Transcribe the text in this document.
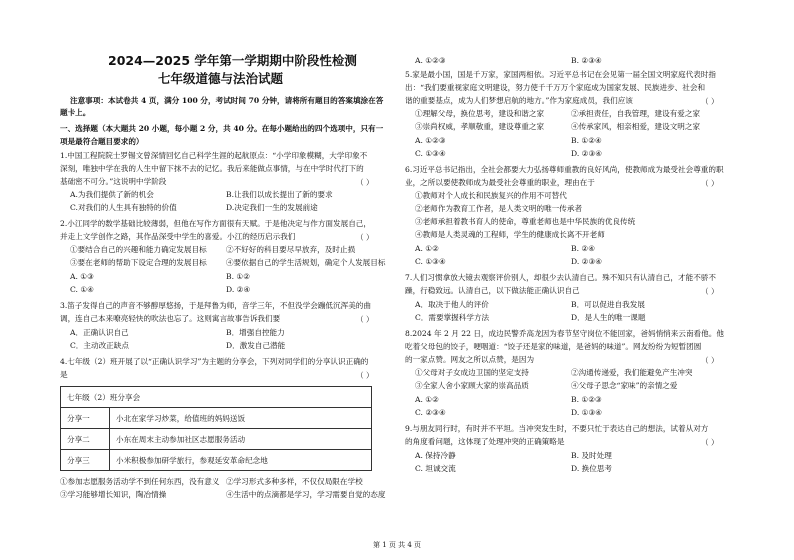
2024—2025 学年第一学期期中阶段性检测
七年级道德与法治试题
注意事项：本试卷共 4 页，满分 100 分，考试时间 70 分钟，请将所有题目的答案填涂在答
题卡上。
一、选择题（本大题共 20 小题，每小题 2 分，共 40 分。在每小题给出的四个选项中，只有一
项是最符合题目要求的）
1.中国工程院院士罗锡文曾深情回忆自己科学生涯的起航原点：“小学印象模糊，大学印象不
深刻，唯独中学在我的人生中留下抹不去的记忆。我后来能做点事情，与在中学时代打下的
基础密不可分。”这说明中学阶段	（ ）
A.为我们提供了新的机会	B.让我们以成长提出了新的要求
C.对我们的人生具有独特的价值	D.决定我们一生的发展前途
2.小江同学的数学基础比较薄弱，但他在写作方面很有天赋。于是他决定与作方面发展自己，
并走上文学创作之路，其作品深受中学生的喜爱。小江的经历启示我们	（ ）
①要结合自己的兴趣和能力确定发展目标	②不好好的科目要尽早放弃，及时止损
③要在老师的帮助下设定合理的发展目标	④要依据自己的学生活规划，确定个人发展目标
A. ①③	B. ①②
C. ①④	D. ②④
3.笛子发得自己的声音不够醇厚悠扬，于是拜鲁为师，音学三年，不但没学会蹦低沉浑美的曲
调，连自己本来嘹亮轻快的吹法也忘了。这则寓言故事告诉我们要	（ ）
A．正确认识自己	B．增强自控能力
C．主动改正缺点	D．激发自己潜能
4.七年级（2）班开展了以“正确认识学习”为主题的分享会，下列对同学们的分享认识正确的
是	（ ）
七年级（2）班分享会	
分享一	小北在家学习炒菜，给值班的妈妈送饭
分享二	小东在周末主动参加社区志愿服务活动
分享三	小米积极参加研学旅行，参观延安革命纪念地
①参加志愿服务活动学不到任何东西，没有意义 ②学习形式多种多样，不仅仅局限在学校
③学习能够增长知识，陶冶情操	④生活中的点滴都是学习，学习需要自觉的态度
A. ①②③	B. ②③④
5.家是最小国，国是千万家，家国两相依。习近平总书记在会见第一届全国文明家庭代表时指
出：“我们要重视家庭文明建设，努力使千千万万个家庭成为国家发展、民族进步、社会和
谐的重要基点，成为人们梦想启航的地方。”作为家庭成员，我们应该	（ ）
①理解父母，换位思考，建设和谐之家	②承担责任，自我管理，建设有爱之家
③崇尚权威，孝顺敬重，建设尊重之家	④传承家风，相亲相爱，建设文明之家
A. ①②③	B. ①②④
C. ①③④	D. ②③④
6.习近平总书记指出，全社会都要大力弘扬尊师重教的良好风尚，使教师成为最受社会尊重的职
业，之所以要使教师成为最受社会尊重的职业，理由在于	（ ）
①教师对个人成长和民族复兴的作用不可替代
②老师作为教育工作者，是人类文明的唯一传承者
③老师承担着教书育人的使命，尊重老师也是中华民族的优良传统
④教师是人类灵魂的工程师，学生的健康成长离不开老师
A. ①②	B. ②④
C. ①③④	D. ②③④
7.人们习惯拿放大镜去观察评价别人，却很少去认清自己。殊不知只有认清自己，才能不骄不
躁，行稳致远。认清自己，以下做法能正确认识自己	（ ）
A．取决于他人的评价	B．可以促进自我发展
C．需要掌握科学方法	D．是人生的唯一课题
8.2024 年 2 月 22 日，成边民警乔高龙因为春节坚守岗位不能回家，爸妈悄悄来云南看他。他
吃着父母包的饺子，哽咽道：“饺子还是家的味道，是爸妈的味道”。网友纷纷为短暂团圆
的一家点赞。网友之所以点赞，是因为	（ ）
①父母对子女成边卫国的坚定支持	②沟通传递爱，我们能避免产生冲突
③全家人舍小家顾大家的崇高品质	④父母子思念“家味”的亲情之爱
A. ①②	B. ①②③
C. ②③④	D. ①③④
9.与朋友同行时，有时并不平坦。当冲突发生时，不要只忙于表达自己的想法，试着从对方
的角度看问题，这体现了处理冲突的正确策略是	（ ）
A. 保持冷静	B. 及时处理
C. 坦诚交流	D. 换位思考
第 1 页 共 4 页
